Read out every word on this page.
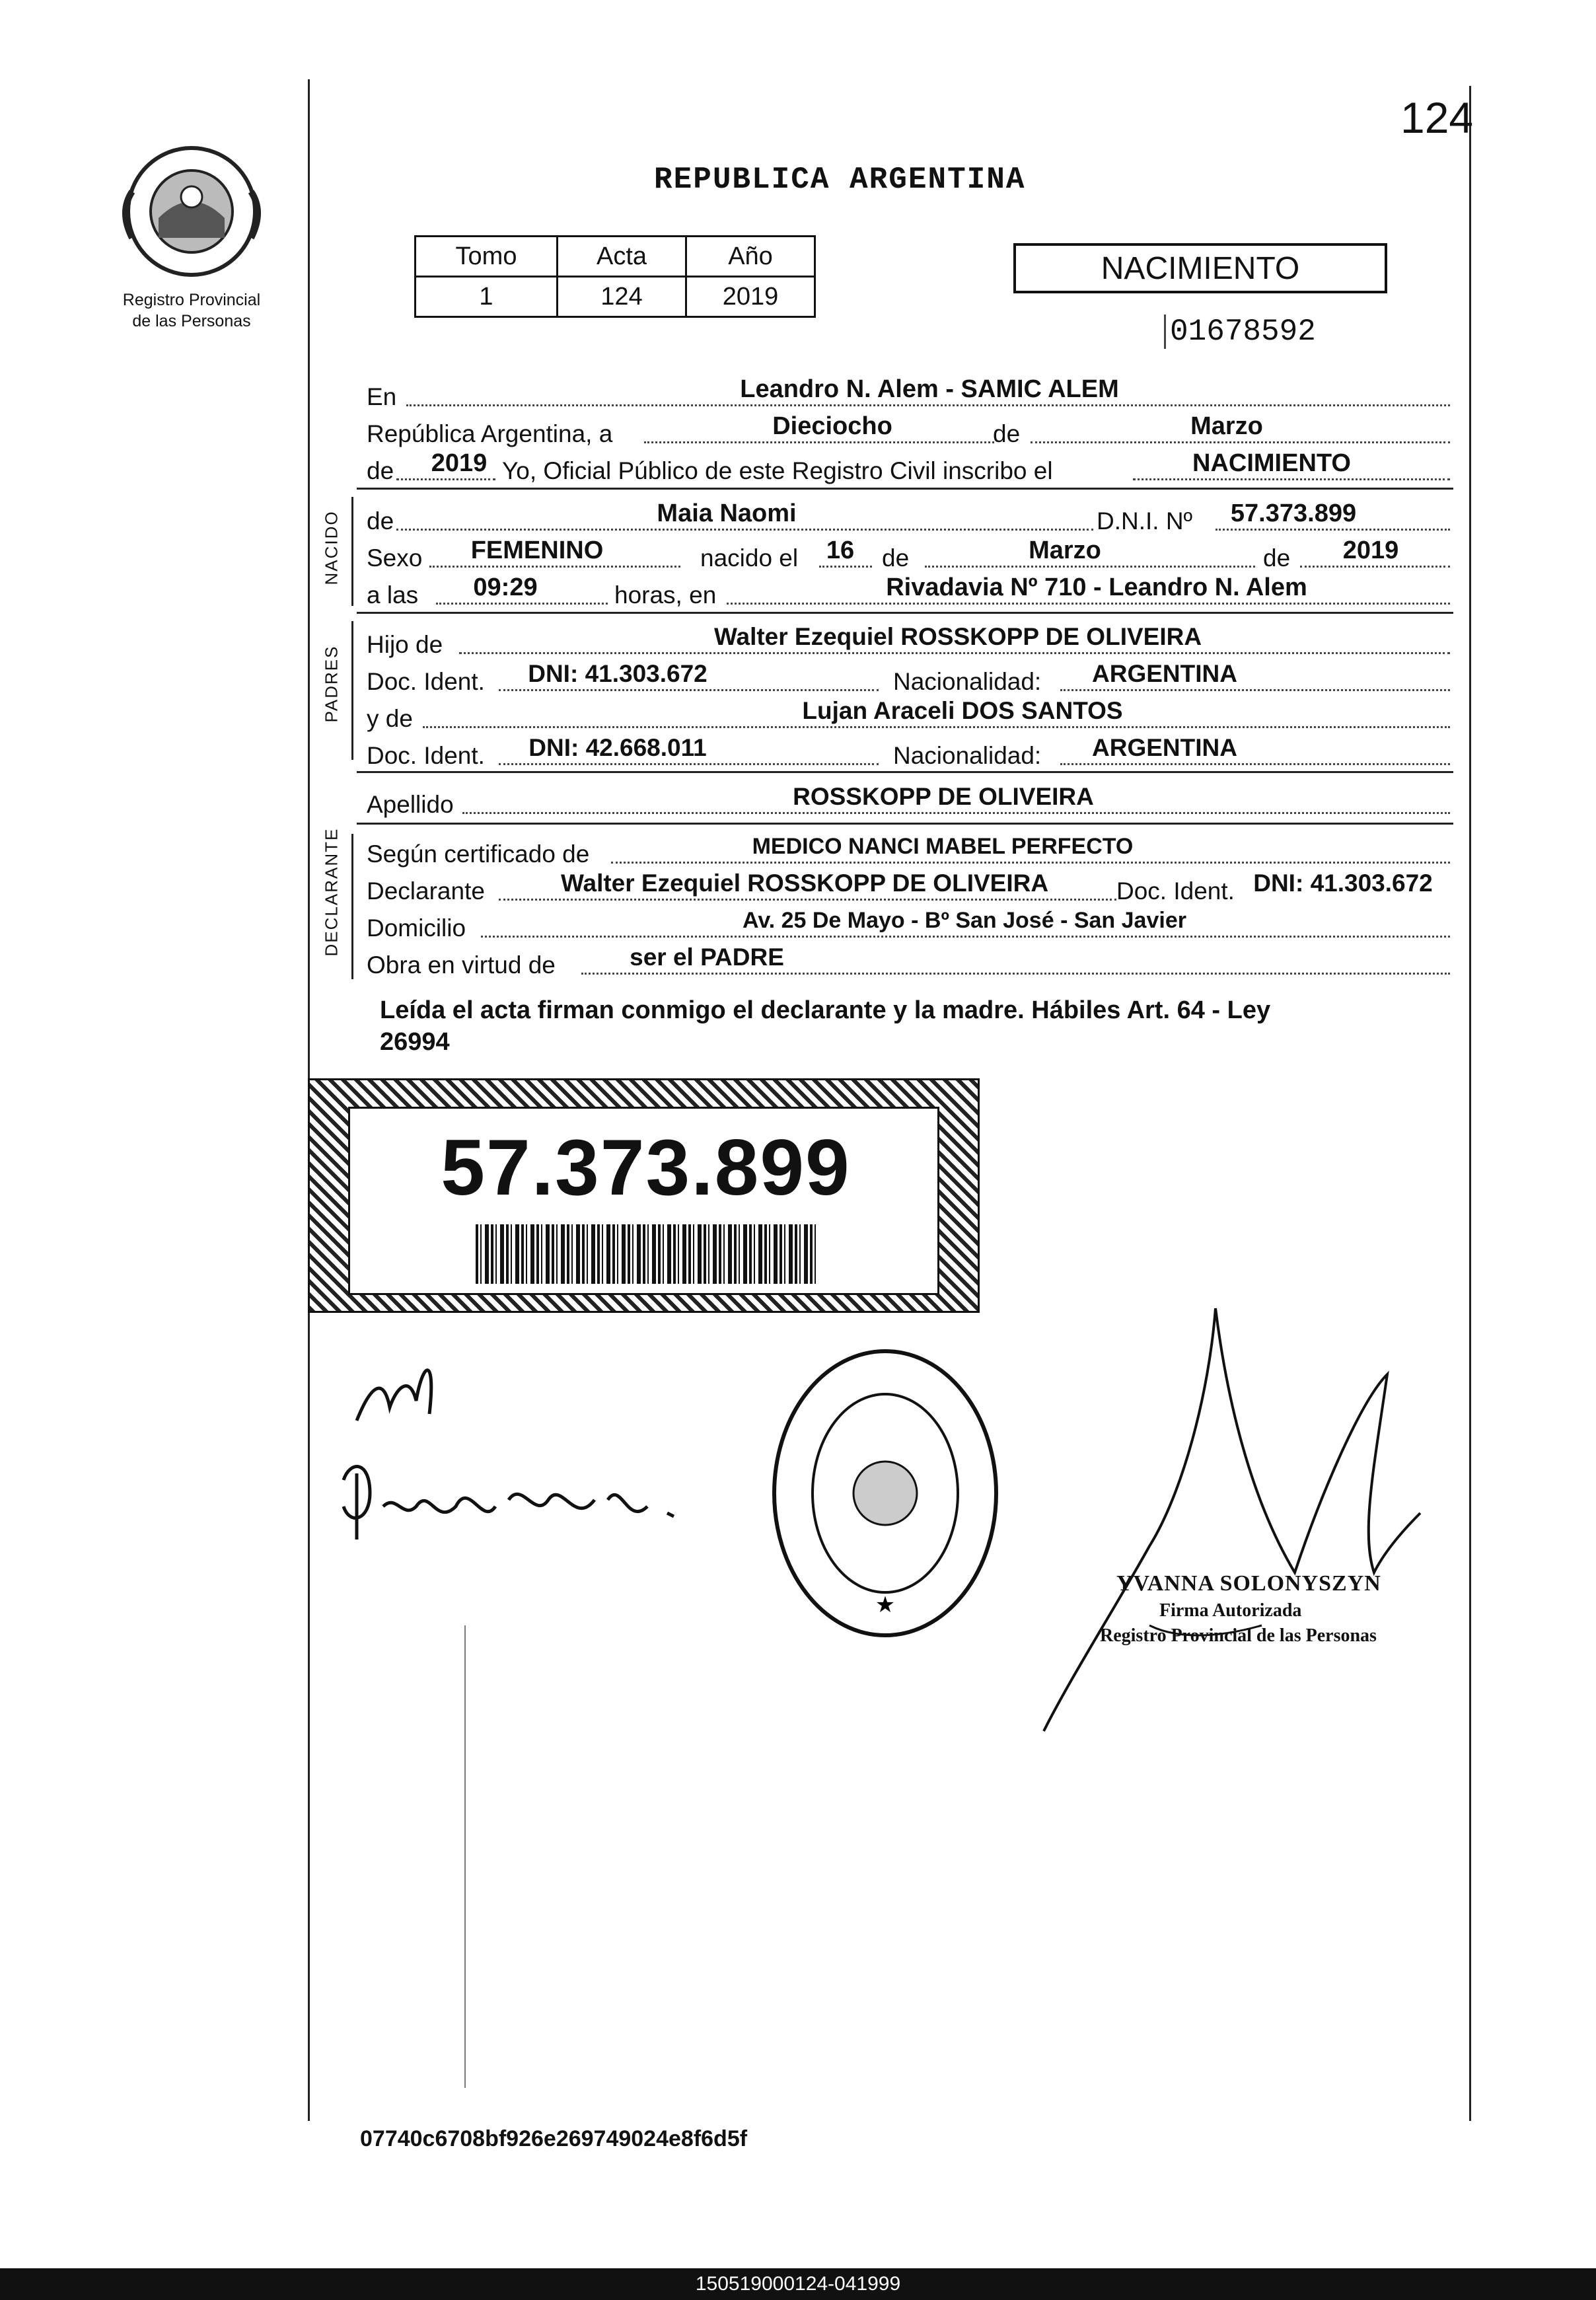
124
Registro Provincial
de las Personas
REPUBLICA ARGENTINA
Tomo	Acta	Año
1	124	2019
NACIMIENTO
01678592
En	Leandro N. Alem - SAMIC ALEM
República Argentina, a	Dieciocho	de	Marzo
de 2019 Yo, Oficial Público de este Registro Civil inscribo el	NACIMIENTO
NACIDO de	Maia Naomi	D.N.I. Nº 57.373.899
Sexo FEMENINO	nacido el 16 de	Marzo	de 2019
a las 09:29	horas, en	Rivadavia Nº 710 - Leandro N. Alem
PADRES
Hijo de	Walter Ezequiel ROSSKOPP DE OLIVEIRA
Doc. Ident. DNI: 41.303.672	Nacionalidad: ARGENTINA
y de	Lujan Araceli DOS SANTOS
Doc. Ident. DNI: 42.668.011	Nacionalidad: ARGENTINA
Apellido	ROSSKOPP DE OLIVEIRA
DECLARANTE Según certificado de	MEDICO NANCI MABEL PERFECTO
Declarante	Walter Ezequiel ROSSKOPP DE OLIVEIRA	Doc. Ident. DNI: 41.303.672
Domicilio	Av. 25 De Mayo - Bº San José - San Javier
Obra en virtud de	ser el PADRE
Leída el acta firman conmigo el declarante y la madre. Hábiles Art. 64 - Ley
26994
57.373.899
★
YVANNA SOLONYSZYN
Firma Autorizada
Registro Provincial de las Personas
07740c6708bf926e269749024e8f6d5f
150519000124-041999
